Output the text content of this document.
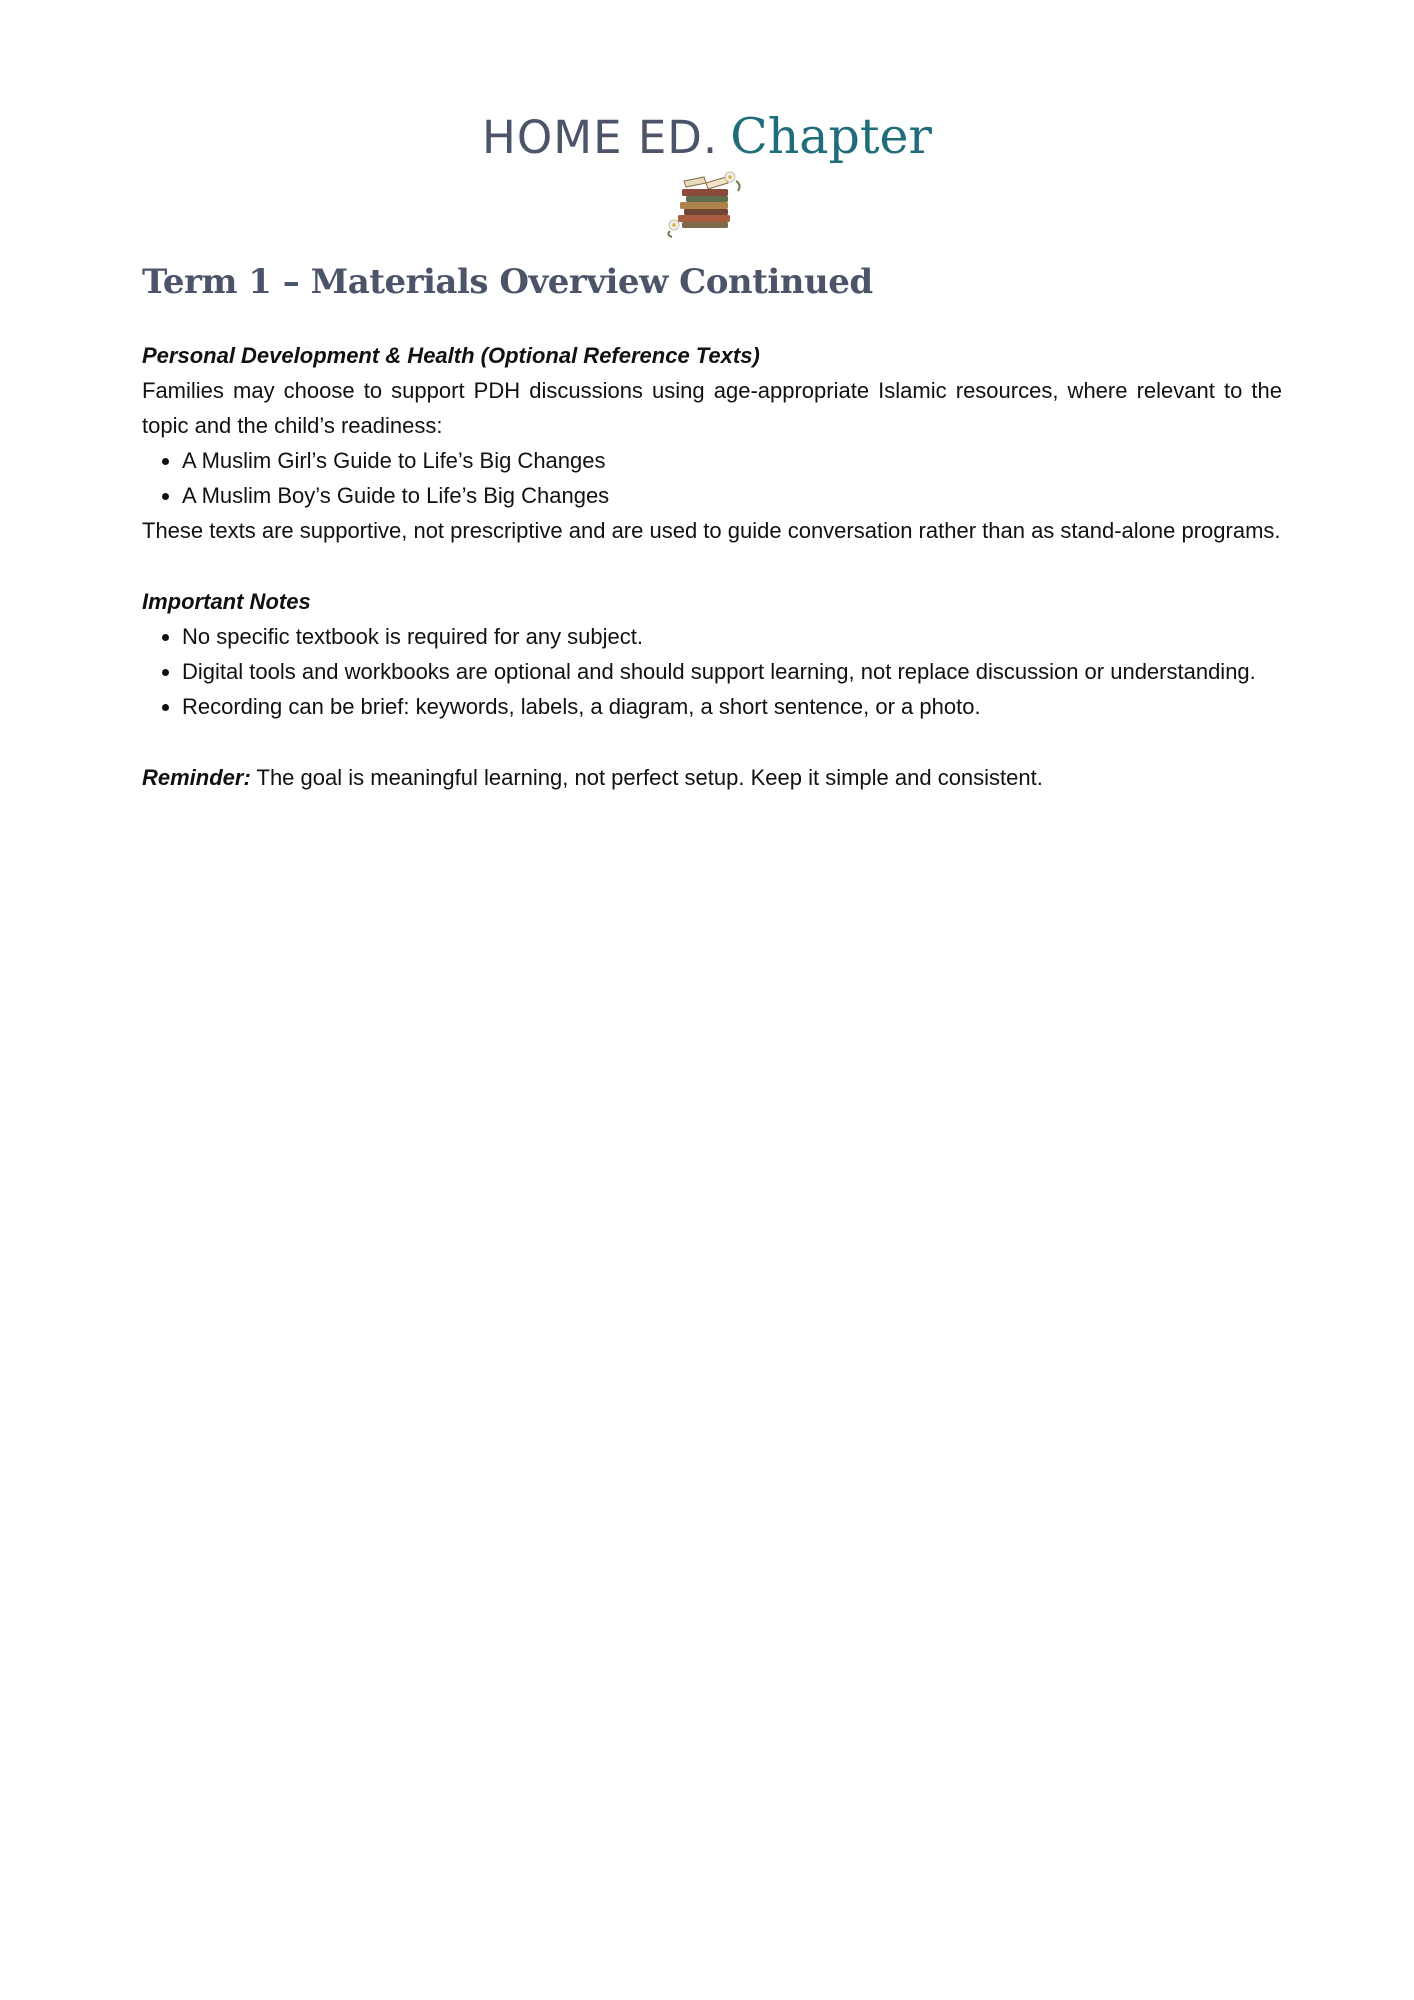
HOME ED. Chapter
Term 1 – Materials Overview Continued
Personal Development & Health (Optional Reference Texts)

Families may choose to support PDH discussions using age-appropriate Islamic resources, where relevant to the topic and the child’s readiness:

• A Muslim Girl’s Guide to Life’s Big Changes
• A Muslim Boy’s Guide to Life’s Big Changes

These texts are supportive, not prescriptive and are used to guide conversation rather than as stand-alone programs.

Important Notes
• No specific textbook is required for any subject.
• Digital tools and workbooks are optional and should support learning, not replace discussion or understanding.
• Recording can be brief: keywords, labels, a diagram, a short sentence, or a photo.

Reminder: The goal is meaningful learning, not perfect setup. Keep it simple and consistent.
